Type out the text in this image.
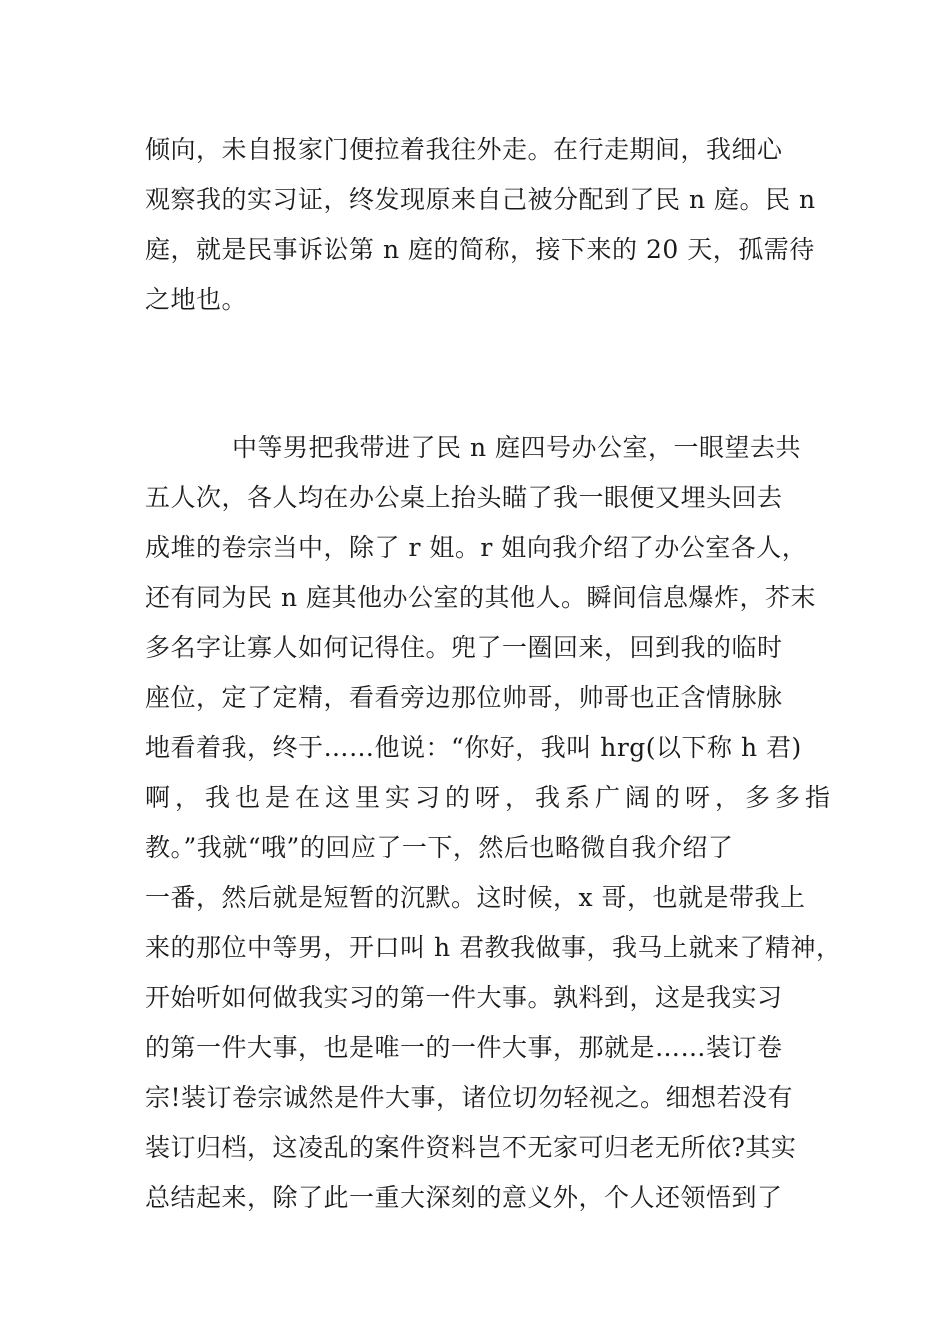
倾向，未自报家门便拉着我往外走。在行走期间，我细心
观察我的实习证，终发现原来自己被分配到了民 n 庭。民 n
庭，就是民事诉讼第 n 庭的简称，接下来的 20 天，孤需待
之地也。
中等男把我带进了民 n 庭四号办公室，一眼望去共
五人次，各人均在办公桌上抬头瞄了我一眼便又埋头回去
成堆的卷宗当中，除了 r 姐。r 姐向我介绍了办公室各人，
还有同为民 n 庭其他办公室的其他人。瞬间信息爆炸，芥末
多名字让寡人如何记得住。兜了一圈回来，回到我的临时
座位，定了定精，看看旁边那位帅哥，帅哥也正含情脉脉
地看着我，终于……他说：“你好，我叫 hrg(以下称 h 君)
啊，我也是在这里实习的呀，我系广阔的呀，多多指
教。”我就“哦”的回应了一下，然后也略微自我介绍了
一番，然后就是短暂的沉默。这时候，x 哥，也就是带我上
来的那位中等男，开口叫 h 君教我做事，我马上就来了精神，
开始听如何做我实习的第一件大事。孰料到，这是我实习
的第一件大事，也是唯一的一件大事，那就是……装订卷
宗!装订卷宗诚然是件大事，诸位切勿轻视之。细想若没有
装订归档，这凌乱的案件资料岂不无家可归老无所依?其实
总结起来，除了此一重大深刻的意义外，个人还领悟到了
